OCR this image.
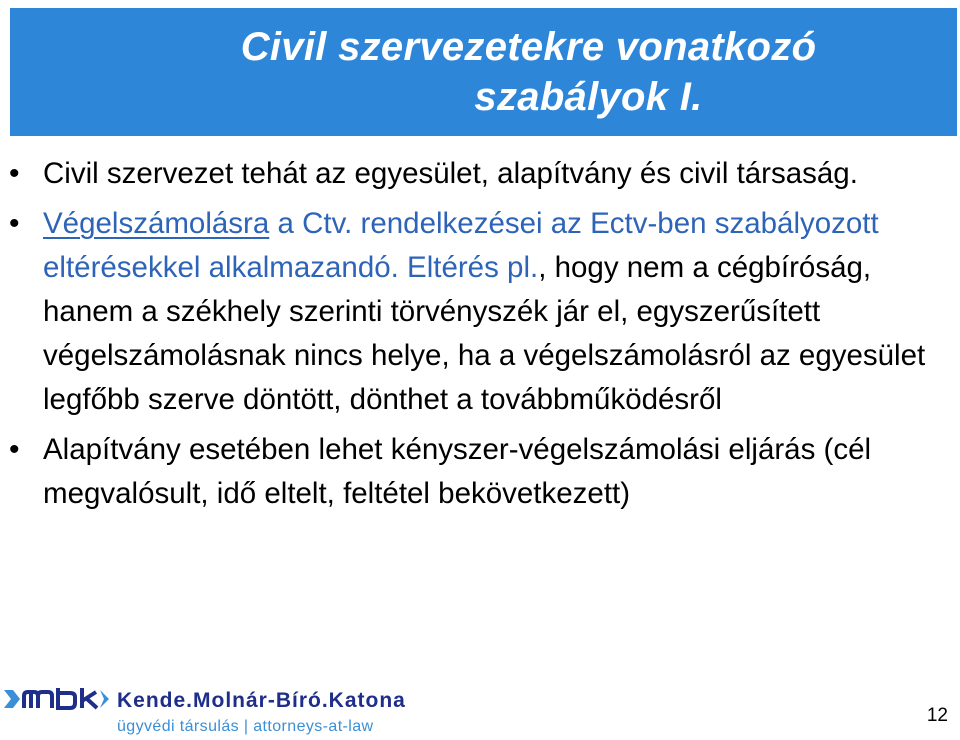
Civil szervezetekre vonatkozó
szabályok I.
• Civil szervezet tehát az egyesület, alapítvány és civil társaság.
• Végelszámolásra a Ctv. rendelkezései az Ectv-ben szabályozott eltérésekkel alkalmazandó. Eltérés pl., hogy nem a cégbíróság, hanem a székhely szerinti törvényszék jár el, egyszerűsített végelszámolásnak nincs helye, ha a végelszámolásról az egyesület legfőbb szerve döntött, dönthet a továbbműködésről
• Alapítvány esetében lehet kényszer-végelszámolási eljárás (cél megvalósult, idő eltelt, feltétel bekövetkezett)
Kende.Molnár-Bíró.Katona
ügyvédi társulás | attorneys-at-law
12
